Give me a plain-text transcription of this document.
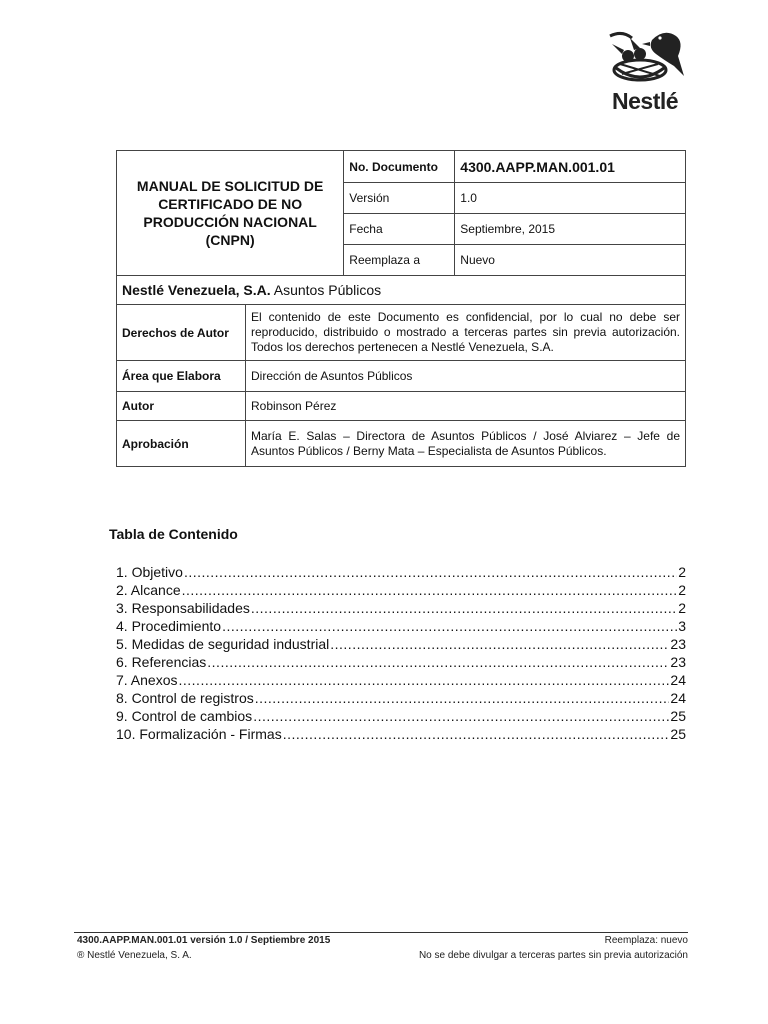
Nestlé
MANUAL DE SOLICITUD DE CERTIFICADO DE NO PRODUCCIÓN NACIONAL (CNPN)		No. Documento	4300.AAPP.MAN.001.01
		Versión	1.0
		Fecha	Septiembre, 2015
		Reemplaza a	Nuevo
Nestlé Venezuela, S.A. Asuntos Públicos			
Derechos de Autor	El contenido de este Documento es confidencial, por lo cual no debe ser reproducido, distribuido o mostrado a terceras partes sin previa autorización. Todos los derechos pertenecen a Nestlé Venezuela, S.A.		
Área que Elabora	Dirección de Asuntos Públicos		
Autor	Robinson Pérez		
Aprobación	María E. Salas – Directora de Asuntos Públicos / José Alviarez – Jefe de Asuntos Públicos / Berny Mata – Especialista de Asuntos Públicos.		
Tabla de Contenido
1. Objetivo .....	2
2. Alcance .....	2
3. Responsabilidades .....	2
4. Procedimiento .....	3
5. Medidas de seguridad industrial .....	23
6. Referencias .....	23
7. Anexos .....	24
8. Control de registros .....	24
9. Control de cambios .....	25
10. Formalización - Firmas .....	25
4300.AAPP.MAN.001.01 versión 1.0 / Septiembre 2015
® Nestlé Venezuela, S. A.
Reemplaza: nuevo
No se debe divulgar a terceras partes sin previa autorización
